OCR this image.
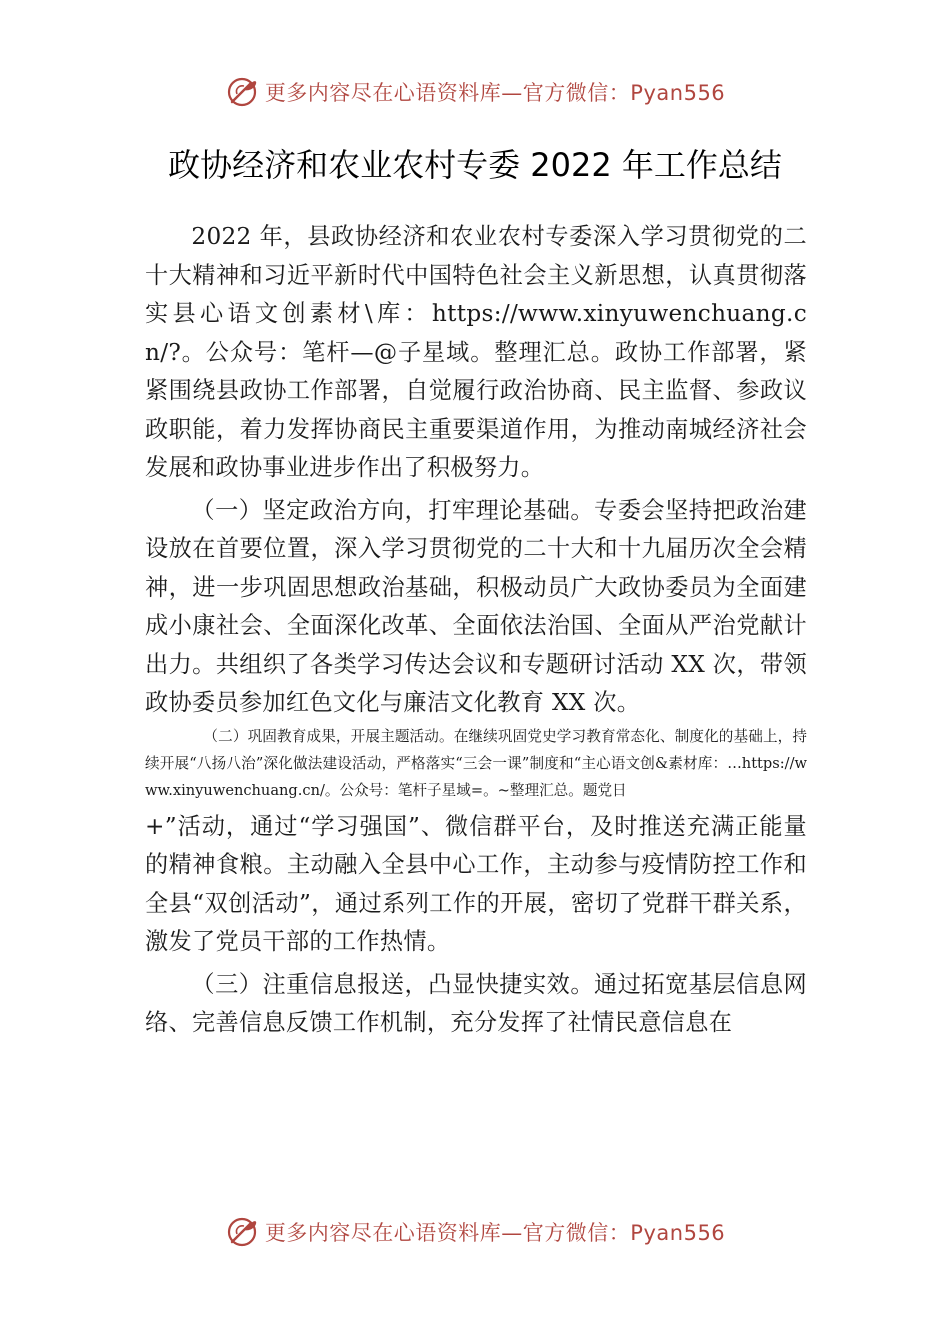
更多内容尽在心语资料库—官方微信：Pyan556
政协经济和农业农村专委 2022 年工作总结

2022 年，县政协经济和农业农村专委深入学习贯彻党的二十大精神和习近平新时代中国特色社会主义新思想，认真贯彻落实县心语文创素材\库：https://www.xinyuwenchuang.cn/?。公众号：笔杆—@子星域。整理汇总。政协工作部署，紧紧围绕县政协工作部署，自觉履行政治协商、民主监督、参政议政职能，着力发挥协商民主重要渠道作用，为推动南城经济社会发展和政协事业进步作出了积极努力。

（一）坚定政治方向，打牢理论基础。专委会坚持把政治建设放在首要位置，深入学习贯彻党的二十大和十九届历次全会精神，进一步巩固思想政治基础，积极动员广大政协委员为全面建成小康社会、全面深化改革、全面依法治国、全面从严治党献计出力。共组织了各类学习传达会议和专题研讨活动 XX 次，带领政协委员参加红色文化与廉洁文化教育 XX 次。

（二）巩固教育成果，开展主题活动。在继续巩固党史学习教育常态化、制度化的基础上，持续开展“八扬八治”深化做法建设活动，严格落实“三会一课”制度和“主心语文创&素材库：…https://www.xinyuwenchuang.cn/。公众号：笔杆子星域=。~整理汇总。题党日

+”活动，通过“学习强国”、微信群平台，及时推送充满正能量的精神食粮。主动融入全县中心工作，主动参与疫情防控工作和全县“双创活动”，通过系列工作的开展，密切了党群干群关系，激发了党员干部的工作热情。

（三）注重信息报送，凸显快捷实效。通过拓宽基层信息网络、完善信息反馈工作机制，充分发挥了社情民意信息在

更多内容尽在心语资料库—官方微信：Pyan556
